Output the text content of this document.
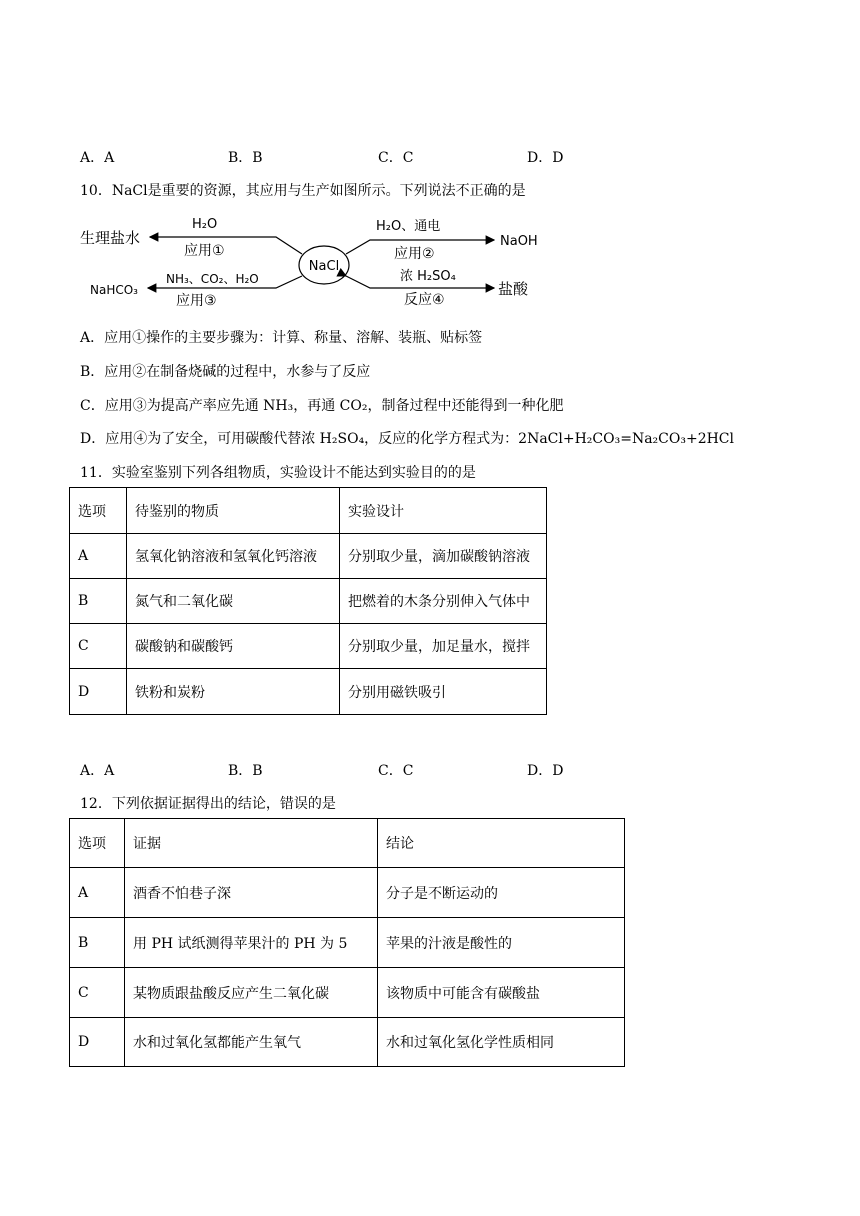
A．A	B．B	C．C	D．D
10．NaCl是重要的资源，其应用与生产如图所示。下列说法不正确的是
NaCl
生理盐水
H₂O
应用①
NaHCO₃
NH₃、CO₂、H₂O
应用③
NaOH
H₂O、通电
应用②
盐酸
浓 H₂SO₄
反应④
A．应用①操作的主要步骤为：计算、称量、溶解、装瓶、贴标签
B．应用②在制备烧碱的过程中，水参与了反应
C．应用③为提高产率应先通 NH₃，再通 CO₂，制备过程中还能得到一种化肥
D．应用④为了安全，可用碳酸代替浓 H₂SO₄，反应的化学方程式为：2NaCl+H₂CO₃=Na₂CO₃+2HCl
11．实验室鉴别下列各组物质，实验设计不能达到实验目的的是
选项	待鉴别的物质	实验设计
A	氢氧化钠溶液和氢氧化钙溶液	分别取少量，滴加碳酸钠溶液
B	氮气和二氧化碳	把燃着的木条分别伸入气体中
C	碳酸钠和碳酸钙	分别取少量，加足量水，搅拌
D	铁粉和炭粉	分别用磁铁吸引
A．A	B．B	C．C	D．D
12．下列依据证据得出的结论，错误的是
选项	证据	结论
A	酒香不怕巷子深	分子是不断运动的
B	用 PH 试纸测得苹果汁的 PH 为 5	苹果的汁液是酸性的
C	某物质跟盐酸反应产生二氧化碳	该物质中可能含有碳酸盐
D	水和过氧化氢都能产生氧气	水和过氧化氢化学性质相同
